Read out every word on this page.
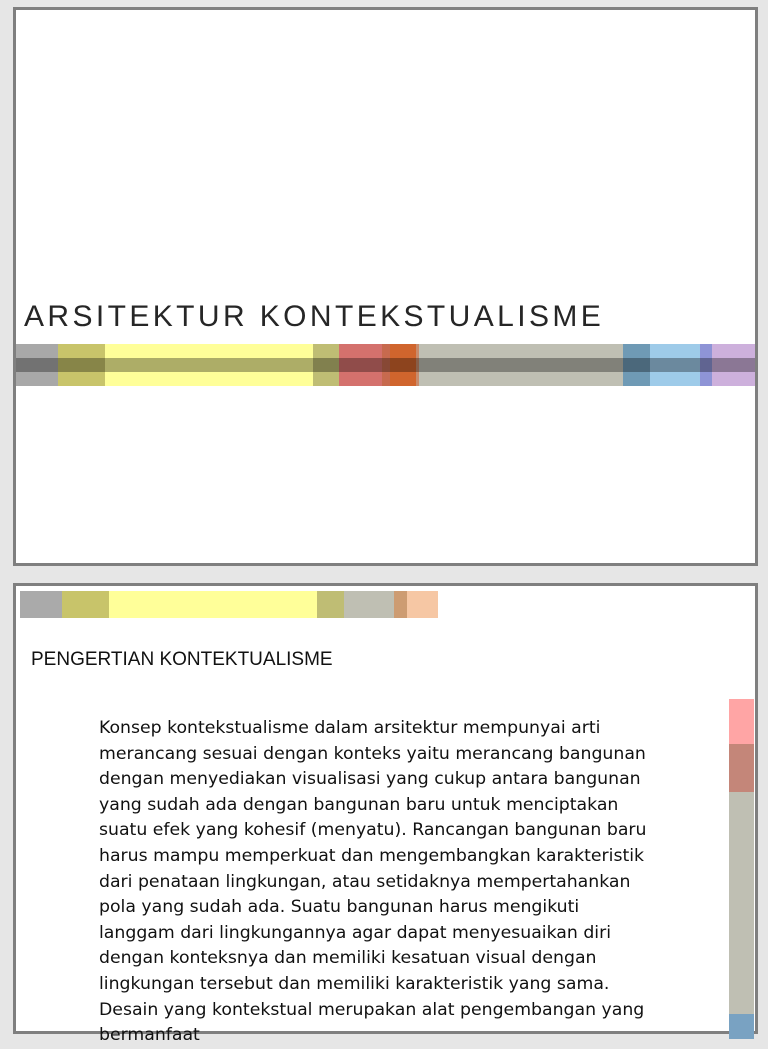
ARSITEKTUR KONTEKSTUALISME
PENGERTIAN KONTEKTUALISME

Konsep kontekstualisme dalam arsitektur mempunyai arti merancang sesuai dengan konteks yaitu merancang bangunan dengan menyediakan visualisasi yang cukup antara bangunan yang sudah ada dengan bangunan baru untuk menciptakan suatu efek yang kohesif (menyatu). Rancangan bangunan baru harus mampu memperkuat dan mengembangkan karakteristik dari penataan lingkungan, atau setidaknya mempertahankan pola yang sudah ada. Suatu bangunan harus mengikuti langgam dari lingkungannya agar dapat menyesuaikan diri dengan konteksnya dan memiliki kesatuan visual dengan lingkungan tersebut dan memiliki karakteristik yang sama. Desain yang kontekstual merupakan alat pengembangan yang bermanfaat
